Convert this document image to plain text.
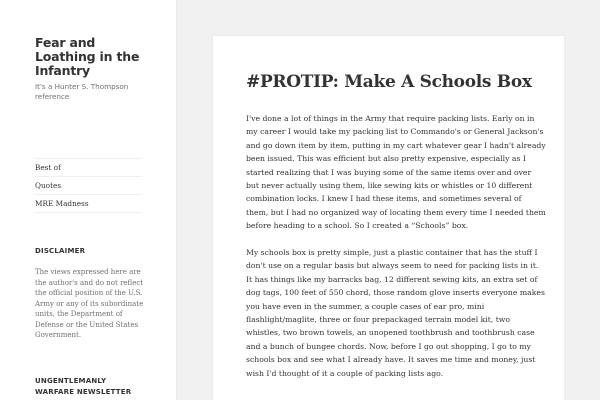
Fear and Loathing in the Infantry
It's a Hunter S. Thompson reference
Best of
Quotes
MRE Madness
DISCLAIMER
The views expressed here are the author's and do not reflect the official position of the U.S. Army or any of its subordinate units, the Department of Defense or the United States Government.
UNGENTLEMANLY WARFARE NEWSLETTER
#PROTIP: Make A Schools Box

I've done a lot of things in the Army that require packing lists. Early on in my career I would take my packing list to Commando's or General Jackson's and go down item by item, putting in my cart whatever gear I hadn't already been issued. This was efficient but also pretty expensive, especially as I started realizing that I was buying some of the same items over and over but never actually using them, like sewing kits or whistles or 10 different combination locks. I knew I had these items, and sometimes several of them, but I had no organized way of locating them every time I needed them before heading to a school. So I created a “Schools” box.

My schools box is pretty simple, just a plastic container that has the stuff I don't use on a regular basis but always seem to need for packing lists in it. It has things like my barracks bag, 12 different sewing kits, an extra set of dog tags, 100 feet of 550 chord, those random glove inserts everyone makes you have even in the summer, a couple cases of ear pro, mini flashlight/maglite, three or four prepackaged terrain model kit, two whistles, two brown towels, an unopened toothbrush and toothbrush case and a bunch of bungee chords. Now, before I go out shopping, I go to my schools box and see what I already have. It saves me time and money, just wish I'd thought of it a couple of packing lists ago.
